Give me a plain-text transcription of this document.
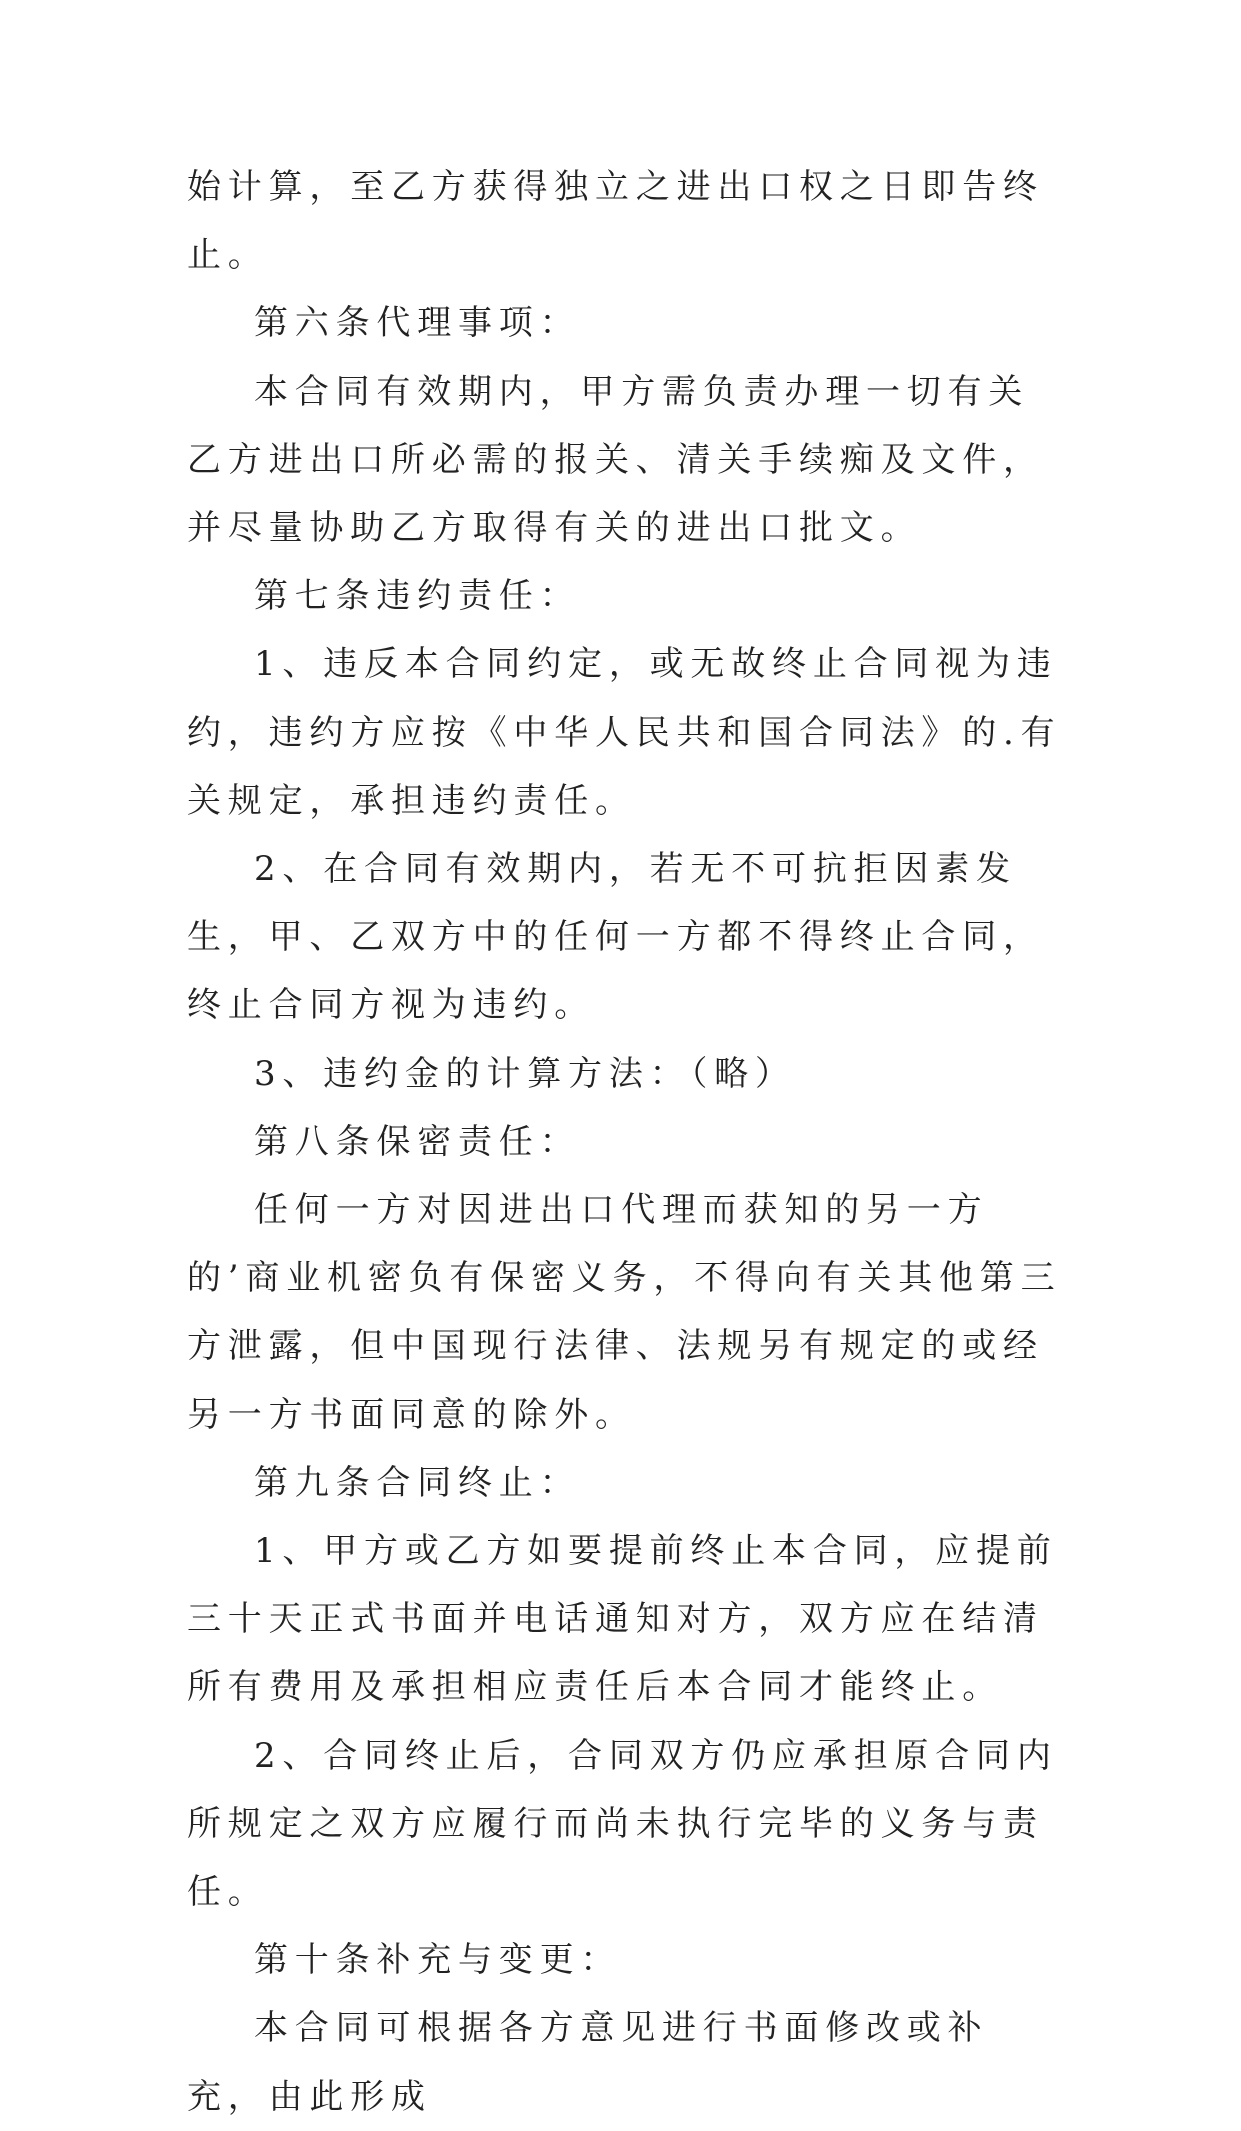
始计算，至乙方获得独立之进出口权之日即告终止。

第六条代理事项：

本合同有效期内，甲方需负责办理一切有关乙方进出口所必需的报关、清关手续痴及文件，并尽量协助乙方取得有关的进出口批文。

第七条违约责任：

1、违反本合同约定，或无故终止合同视为违约，违约方应按《中华人民共和国合同法》的.有关规定，承担违约责任。

2、在合同有效期内，若无不可抗拒因素发生，甲、乙双方中的任何一方都不得终止合同，终止合同方视为违约。

3、违约金的计算方法：（略）

第八条保密责任：

任何一方对因进出口代理而获知的另一方的’商业机密负有保密义务，不得向有关其他第三方泄露，但中国现行法律、法规另有规定的或经另一方书面同意的除外。

第九条合同终止：

1、甲方或乙方如要提前终止本合同，应提前三十天正式书面并电话通知对方，双方应在结清所有费用及承担相应责任后本合同才能终止。

2、合同终止后，合同双方仍应承担原合同内所规定之双方应履行而尚未执行完毕的义务与责任。

第十条补充与变更：

本合同可根据各方意见进行书面修改或补充，由此形成
